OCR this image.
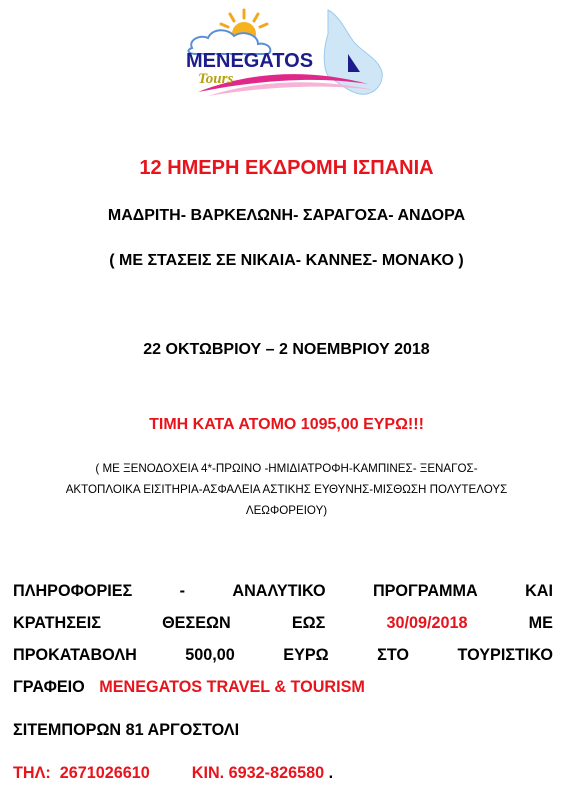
MENEGATOS
Tours
12 ΗΜΕΡΗ ΕΚΔΡΟΜΗ ΙΣΠΑΝΙΑ
ΜΑΔΡΙΤΗ- ΒΑΡΚΕΛΩΝΗ- ΣΑΡΑΓΟΣΑ- ΑΝΔΟΡΑ
( ΜΕ ΣΤΑΣΕΙΣ ΣΕ ΝΙΚΑΙΑ- ΚΑΝΝΕΣ- ΜΟΝΑΚΟ )
22 ΟΚΤΩΒΡΙΟΥ – 2 ΝΟΕΜΒΡΙΟΥ 2018
ΤΙΜΗ ΚΑΤΑ ΑΤΟΜΟ 1095,00 ΕΥΡΩ!!!
( ΜΕ ΞΕΝΟΔΟΧΕΙΑ 4*-ΠΡΩΙΝΟ -ΗΜΙΔΙΑΤΡΟΦΗ-ΚΑΜΠΙΝΕΣ- ΞΕΝΑΓΟΣ-
ΑΚΤΟΠΛΟΙΚΑ ΕΙΣΙΤΗΡΙΑ-ΑΣΦΑΛΕΙΑ ΑΣΤΙΚΗΣ ΕΥΘΥΝΗΣ-ΜΙΣΘΩΣΗ ΠΟΛΥΤΕΛΟΥΣ
ΛΕΩΦΟΡΕΙΟΥ)
ΠΛΗΡΟΦΟΡΙΕΣ	-	ΑΝΑΛΥΤΙΚΟ	ΠΡΟΓΡΑΜΜΑ	ΚΑΙ
ΚΡΑΤΗΣΕΙΣ	ΘΕΣΕΩΝ	ΕΩΣ	30/09/2018	ΜΕ
ΠΡΟΚΑΤΑΒΟΛΗ	500,00	ΕΥΡΩ	ΣΤΟ	ΤΟΥΡΙΣΤΙΚΟ
ΓΡΑΦΕΙΟ MENEGATOS TRAVEL & TOURISM
ΣΙΤΕΜΠΟΡΩΝ 81 ΑΡΓΟΣΤΟΛΙ
ΤΗΛ:  2671026610	ΚΙΝ. 6932-826580 .
